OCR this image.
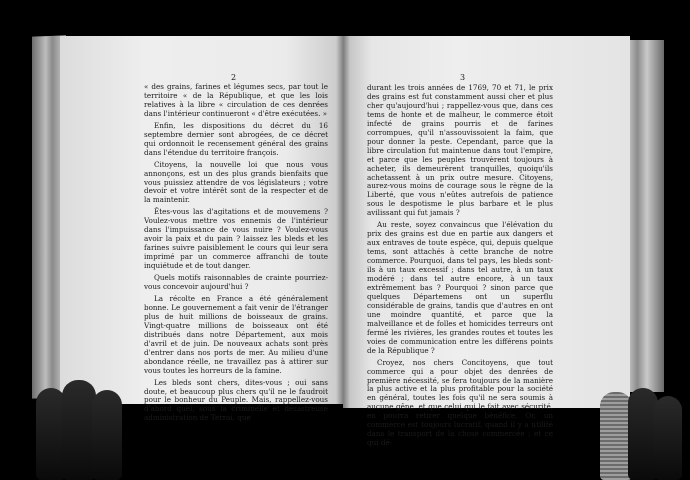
2

« des grains, farines et légumes secs, par tout le territoire « de la République, et que les lois relatives à la libre « circulation de ces denrées dans l'intérieur continueront « d'être exécutées. »

Enfin, les dispositions du décret du 16 septembre dernier sont abrogées, de ce décret qui ordonnoit le recensement général des grains dans l'étendue du territoire françois.

Citoyens, la nouvelle loi que nous vous annonçons, est un des plus grands bienfaits que vous puissiez attendre de vos législateurs ; votre devoir et votre intérêt sont de la respecter et de la maintenir.

Êtes-vous las d'agitations et de mouvemens ? Voulez-vous mettre vos ennemis de l'intérieur dans l'impuissance de vous nuire ? Voulez-vous avoir la paix et du pain ? laissez les bleds et les farines suivre paisiblement le cours qui leur sera imprimé par un commerce affranchi de toute inquiétude et de tout danger.

Quels motifs raisonnables de crainte pourriez-vous concevoir aujourd'hui ?

La récolte en France a été généralement bonne. Le gouvernement a fait venir de l'étranger plus de huit millions de boisseaux de grains. Vingt-quatre millions de boisseaux ont été distribués dans notre Département, aux mois d'avril et de juin. De nouveaux achats sont près d'entrer dans nos ports de mer. Au milieu d'une abondance réelle, ne travaillez pas à attirer sur vous toutes les horreurs de la famine.

Les bleds sont chers, dites-vous ; oui sans doute, et beaucoup plus chers qu'il ne le faudroit pour le bonheur du Peuple. Mais, rappellez-vous d'abord quel, sous la criminelle et désastreuse administration de Terrai, que

3

durant les trois années de 1769, 70 et 71, le prix des grains est fut constamment aussi cher et plus cher qu'aujourd'hui ; rappellez-vous que, dans ces tems de honte et de malheur, le commerce étoit infecté de grains pourris et de farines corrompues, qu'il n'assouvissoient la faim, que pour donner la peste. Cependant, parce que la libre circulation fut maintenue dans tout l'empire, et parce que les peuples trouvèrent toujours à acheter, ils demeurèrent tranquilles, quoiqu'ils achetassent à un prix outre mesure. Citoyens, aurez-vous moins de courage sous le règne de la Liberté, que vous n'eûtes autrefois de patience sous le despotisme le plus barbare et le plus avilissant qui fut jamais ?

Au reste, soyez convaincus que l'élévation du prix des grains est due en partie aux dangers et aux entraves de toute espèce, qui, depuis quelque tems, sont attachés à cette branche de notre commerce. Pourquoi, dans tel pays, les bleds sont-ils à un taux excessif ; dans tel autre, à un taux modéré ; dans tel autre encore, à un taux extrêmement bas ? Pourquoi ? sinon parce que quelques Départemens ont un superflu considérable de grains, tandis que d'autres en ont une moindre quantité, et parce que la malveillance et de folles et homicides terreurs ont fermé les rivières, les grandes routes et toutes les voies de communication entre les différens points de la République ?

Croyez, nos chers Concitoyens, que tout commerce qui a pour objet des denrées de première nécessité, se fera toujours de la manière la plus active et la plus profitable pour la société en général, toutes les fois qu'il ne sera soumis à aucune gêne, et que celui qui le fait avec sécurité, en pourra retirer quelque bénéfice. Or, un commerce est toujours lucratif, quand il y a utilité dans le transport de la chose commercée ; et ce qui dé-
